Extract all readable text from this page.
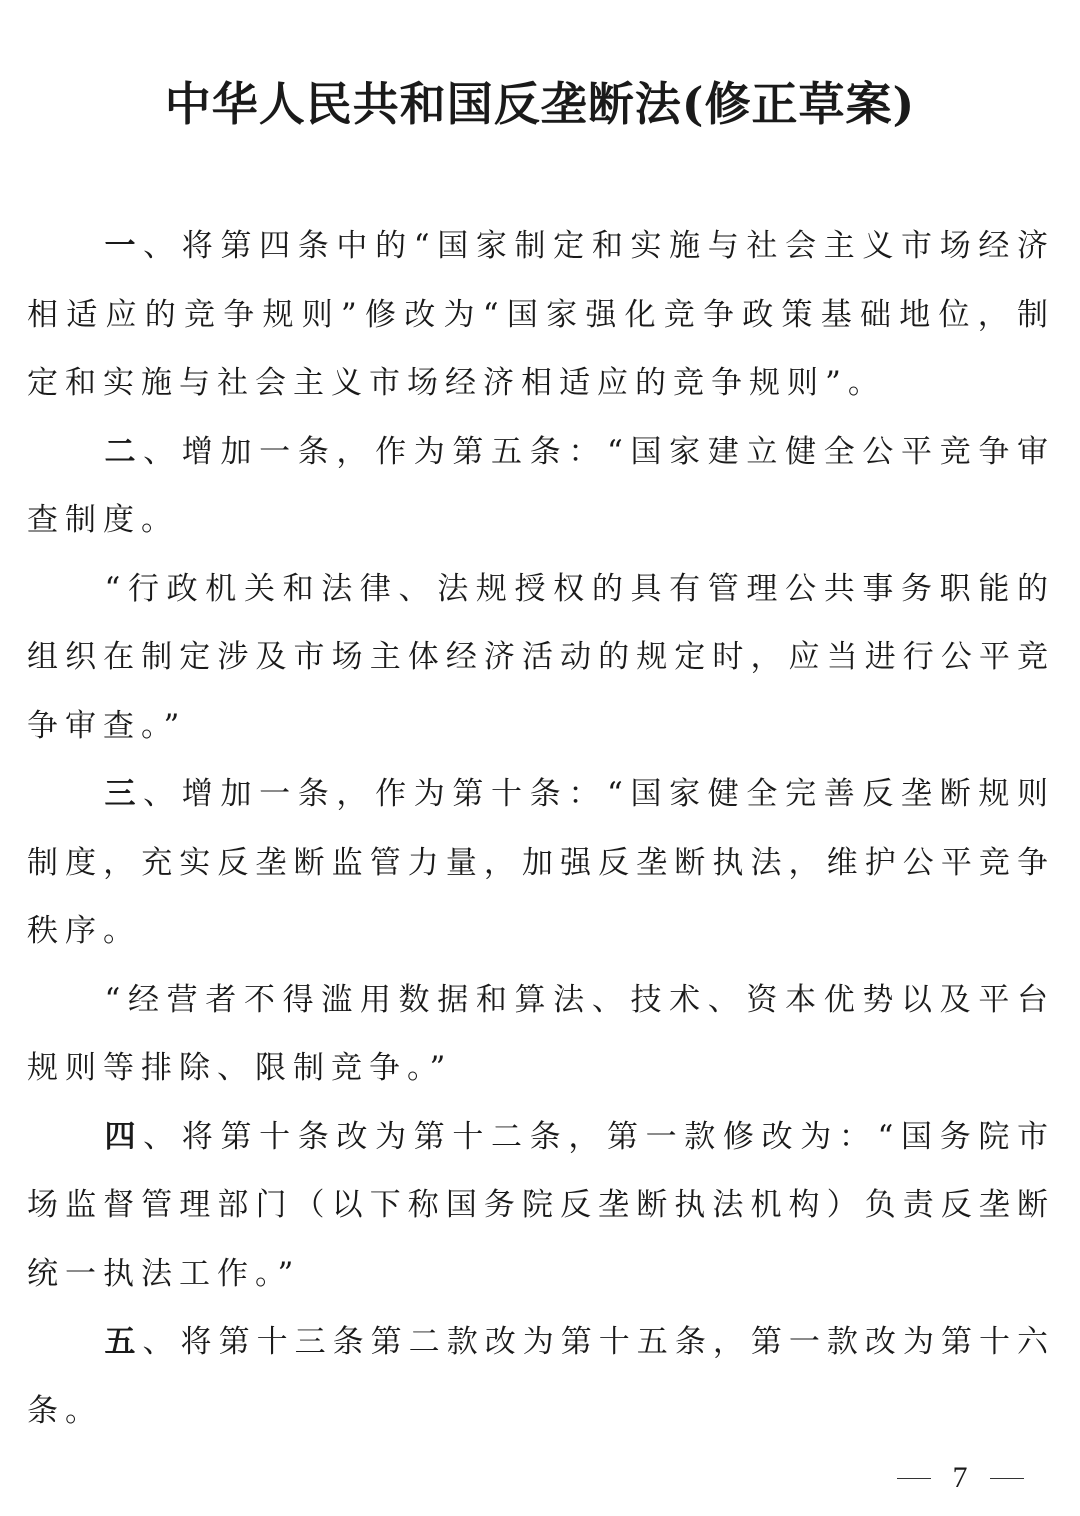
中华人民共和国反垄断法(修正草案)

一、将第四条中的“国家制定和实施与社会主义市场经济相适应的竞争规则”修改为“国家强化竞争政策基础地位，制定和实施与社会主义市场经济相适应的竞争规则”。

二、增加一条，作为第五条：“国家建立健全公平竞争审查制度。

“行政机关和法律、法规授权的具有管理公共事务职能的组织在制定涉及市场主体经济活动的规定时，应当进行公平竞争审查。”

三、增加一条，作为第十条：“国家健全完善反垄断规则制度，充实反垄断监管力量，加强反垄断执法，维护公平竞争秩序。

“经营者不得滥用数据和算法、技术、资本优势以及平台规则等排除、限制竞争。”

四、将第十条改为第十二条，第一款修改为：“国务院市场监督管理部门（以下称国务院反垄断执法机构）负责反垄断统一执法工作。”

五、将第十三条第二款改为第十五条，第一款改为第十六条。

7
